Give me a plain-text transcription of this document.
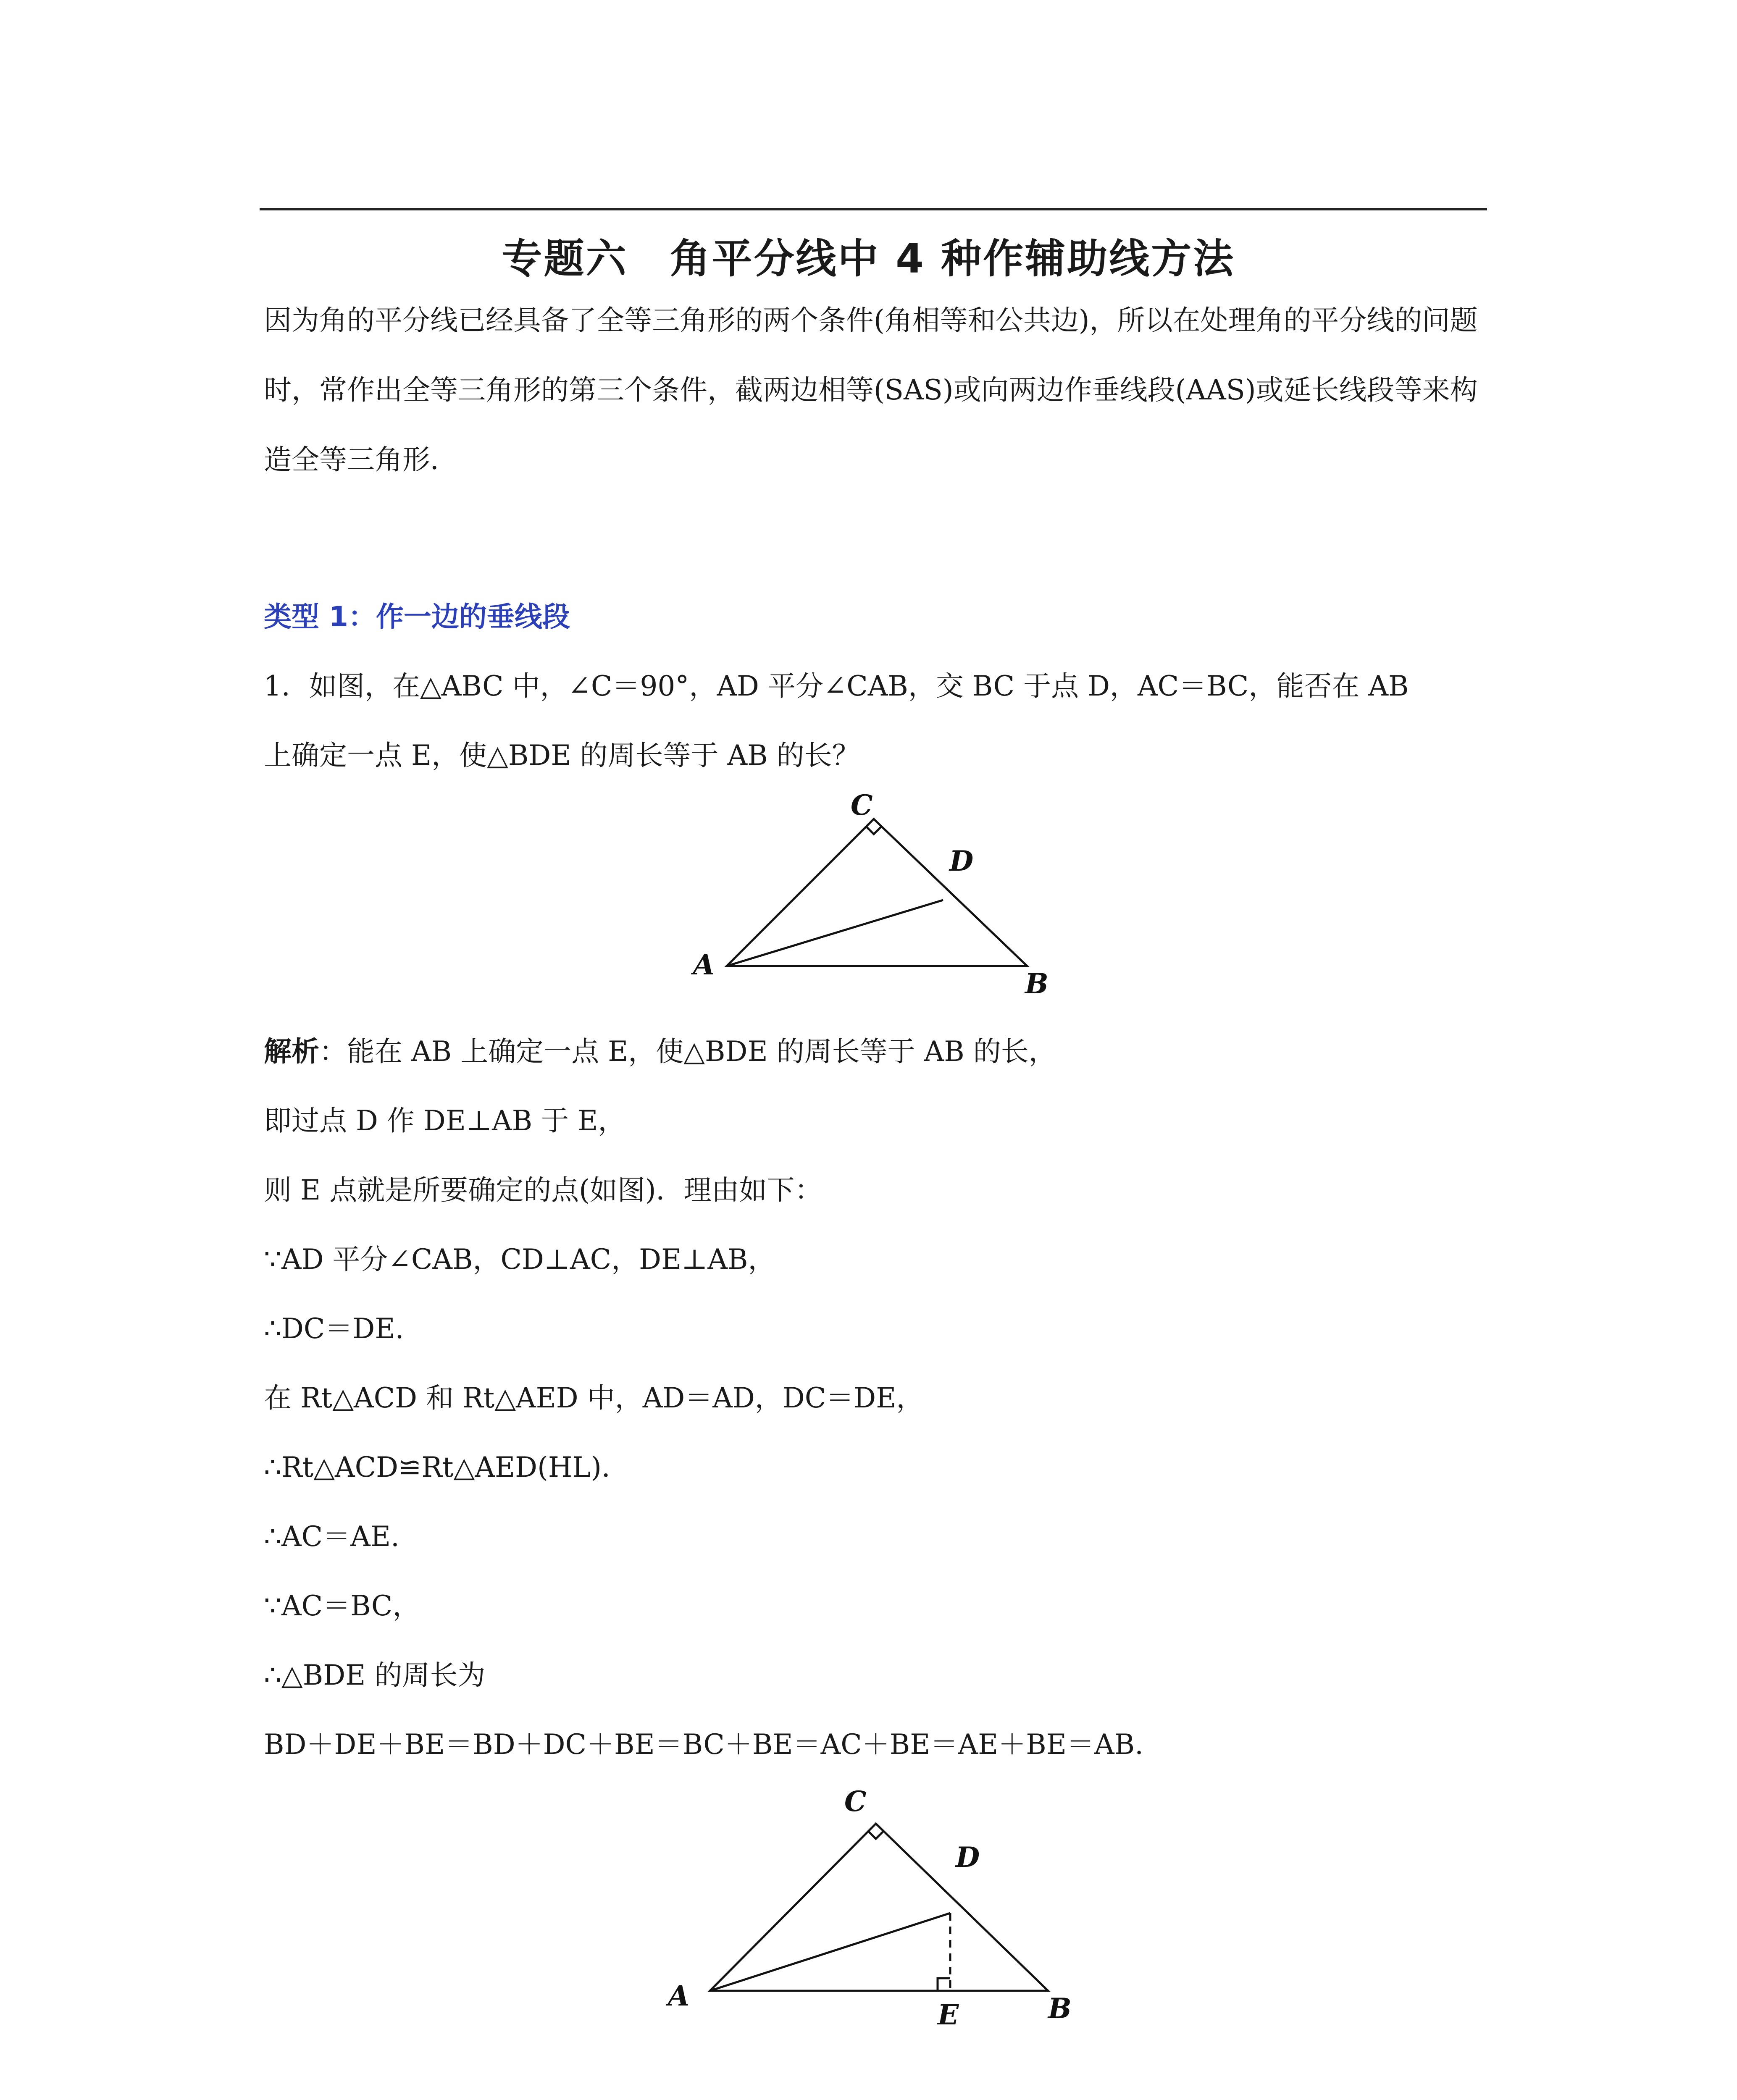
专题六　角平分线中 4 种作辅助线方法
因为角的平分线已经具备了全等三角形的两个条件(角相等和公共边)，所以在处理角的平分线的问题时，常作出全等三角形的第三个条件，截两边相等(SAS)或向两边作垂线段(AAS)或延长线段等来构造全等三角形．
类型 1：作一边的垂线段
1．如图，在△ABC 中，∠C＝90°，AD 平分∠CAB，交 BC 于点 D，AC＝BC，能否在 AB
上确定一点 E，使△BDE 的周长等于 AB 的长？
C
D
A
B
解析：能在 AB 上确定一点 E，使△BDE 的周长等于 AB 的长，
即过点 D 作 DE⊥AB 于 E，
则 E 点就是所要确定的点(如图)．理由如下：
∵AD 平分∠CAB，CD⊥AC，DE⊥AB，
∴DC＝DE.
在 Rt△ACD 和 Rt△AED 中，AD＝AD，DC＝DE，
∴Rt△ACD≌Rt△AED(HL)．
∴AC＝AE.
∵AC＝BC，
∴△BDE 的周长为
BD＋DE＋BE＝BD＋DC＋BE＝BC＋BE＝AC＋BE＝AE＋BE＝AB.
C
D
A
E	B
